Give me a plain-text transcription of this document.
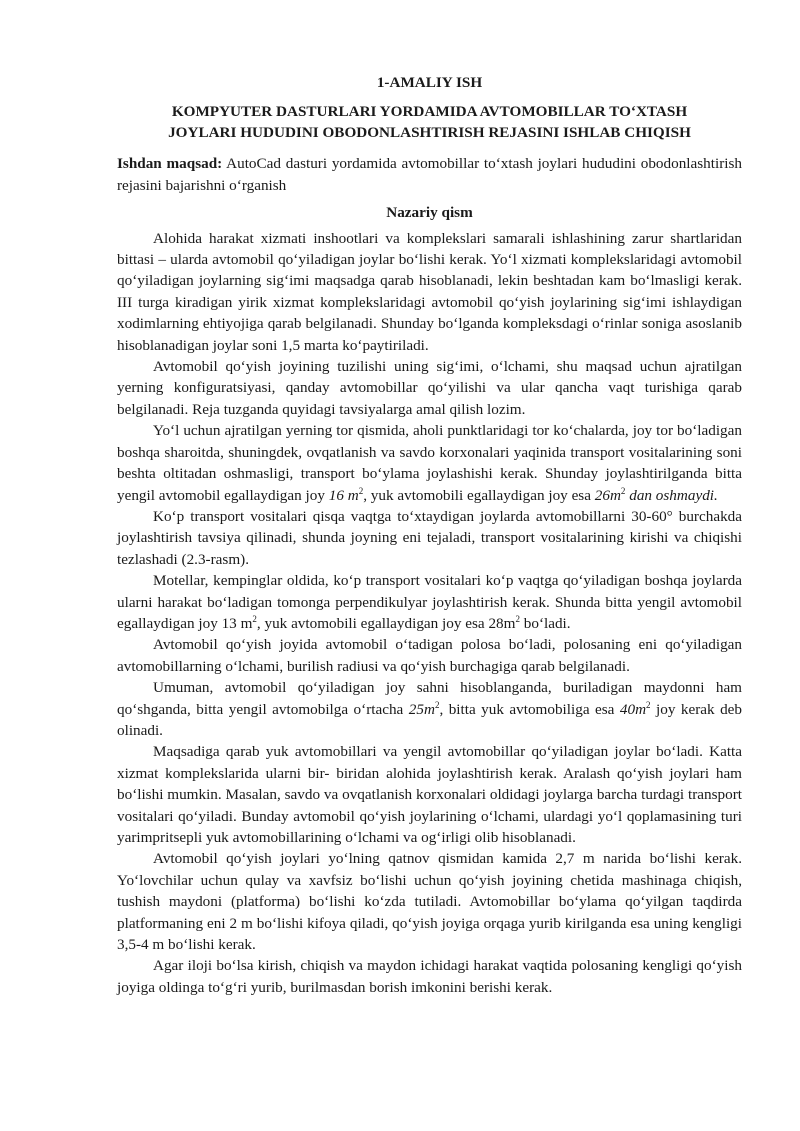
1-AMALIY ISH
KOMPYUTER DASTURLARI YORDAMIDA AVTOMOBILLAR TO‘XTASH
JOYLARI HUDUDINI OBODONLASHTIRISH REJASINI ISHLAB CHIQISH

Ishdan maqsad: AutoCad dasturi yordamida avtomobillar to‘xtash joylari hududini obodonlashtirish rejasini bajarishni o‘rganish

Nazariy qism

Alohida harakat xizmati inshootlari va komplekslari samarali ishlashining zarur shartlaridan bittasi – ularda avtomobil qo‘yiladigan joylar bo‘lishi kerak. Yo‘l xizmati komplekslaridagi avtomobil qo‘yiladigan joylarning sig‘imi maqsadga qarab hisoblanadi, lekin beshtadan kam bo‘lmasligi kerak. III turga kiradigan yirik xizmat komplekslaridagi avtomobil qo‘yish joylarining sig‘imi ishlaydigan xodimlarning ehtiyojiga qarab belgilanadi. Shunday bo‘lganda kompleksdagi o‘rinlar soniga asoslanib hisoblanadigan joylar soni 1,5 marta ko‘paytiriladi.

Avtomobil qo‘yish joyining tuzilishi uning sig‘imi, o‘lchami, shu maqsad uchun ajratilgan yerning konfiguratsiyasi, qanday avtomobillar qo‘yilishi va ular qancha vaqt turishiga qarab belgilanadi. Reja tuzganda quyidagi tavsiyalarga amal qilish lozim.

Yo‘l uchun ajratilgan yerning tor qismida, aholi punktlaridagi tor ko‘chalarda, joy tor bo‘ladigan boshqa sharoitda, shuningdek, ovqatlanish va savdo korxonalari yaqinida transport vositalarining soni beshta oltitadan oshmasligi, transport bo‘ylama joylashishi kerak. Shunday joylashtirilganda bitta yengil avtomobil egallaydigan joy 16 $m^2$, yuk avtomobili egallaydigan joy esa $26m^2$ dan oshmaydi.

Ko‘p transport vositalari qisqa vaqtga to‘xtaydigan joylarda avtomobillarni 30-60° burchakda joylashtirish tavsiya qilinadi, shunda joyning eni tejaladi, transport vositalarining kirishi va chiqishi tezlashadi (2.3-rasm).

Motellar, kempinglar oldida, ko‘p transport vositalari ko‘p vaqtga qo‘yiladigan boshqa joylarda ularni harakat bo‘ladigan tomonga perpendikulyar joylashtirish kerak. Shunda bitta yengil avtomobil egallaydigan joy 13 $m^2$, yuk avtomobili egallaydigan joy esa $28m^2$ bo‘ladi.

Avtomobil qo‘yish joyida avtomobil o‘tadigan polosa bo‘ladi, polosaning eni qo‘yiladigan avtomobillarning o‘lchami, burilish radiusi va qo‘yish burchagiga qarab belgilanadi.

Umuman, avtomobil qo‘yiladigan joy sahni hisoblanganda, buriladigan maydonni ham qo‘shganda, bitta yengil avtomobilga o‘rtacha $25m^2$, bitta yuk avtomobiliga esa $40m^2$ joy kerak deb olinadi.

Maqsadiga qarab yuk avtomobillari va yengil avtomobillar qo‘yiladigan joylar bo‘ladi. Katta xizmat komplekslarida ularni bir- biridan alohida joylashtirish kerak. Aralash qo‘yish joylari ham bo‘lishi mumkin. Masalan, savdo va ovqatlanish korxonalari oldidagi joylarga barcha turdagi transport vositalari qo‘yiladi. Bunday avtomobil qo‘yish joylarining o‘lchami, ulardagi yo‘l qoplamasining turi yarimpritsepli yuk avtomobillarining o‘lchami va og‘irligi olib hisoblanadi.

Avtomobil qo‘yish joylari yo‘lning qatnov qismidan kamida 2,7 m narida bo‘lishi kerak. Yo‘lovchilar uchun qulay va xavfsiz bo‘lishi uchun qo‘yish joyining chetida mashinaga chiqish, tushish maydoni (platforma) bo‘lishi ko‘zda tutiladi. Avtomobillar bo‘ylama qo‘yilgan taqdirda platformaning eni 2 m bo‘lishi kifoya qiladi, qo‘yish joyiga orqaga yurib kirilganda esa uning kengligi 3,5-4 m bo‘lishi kerak.

Agar iloji bo‘lsa kirish, chiqish va maydon ichidagi harakat vaqtida polosaning kengligi qo‘yish joyiga oldinga to‘g‘ri yurib, burilmasdan borish imkonini berishi kerak.
